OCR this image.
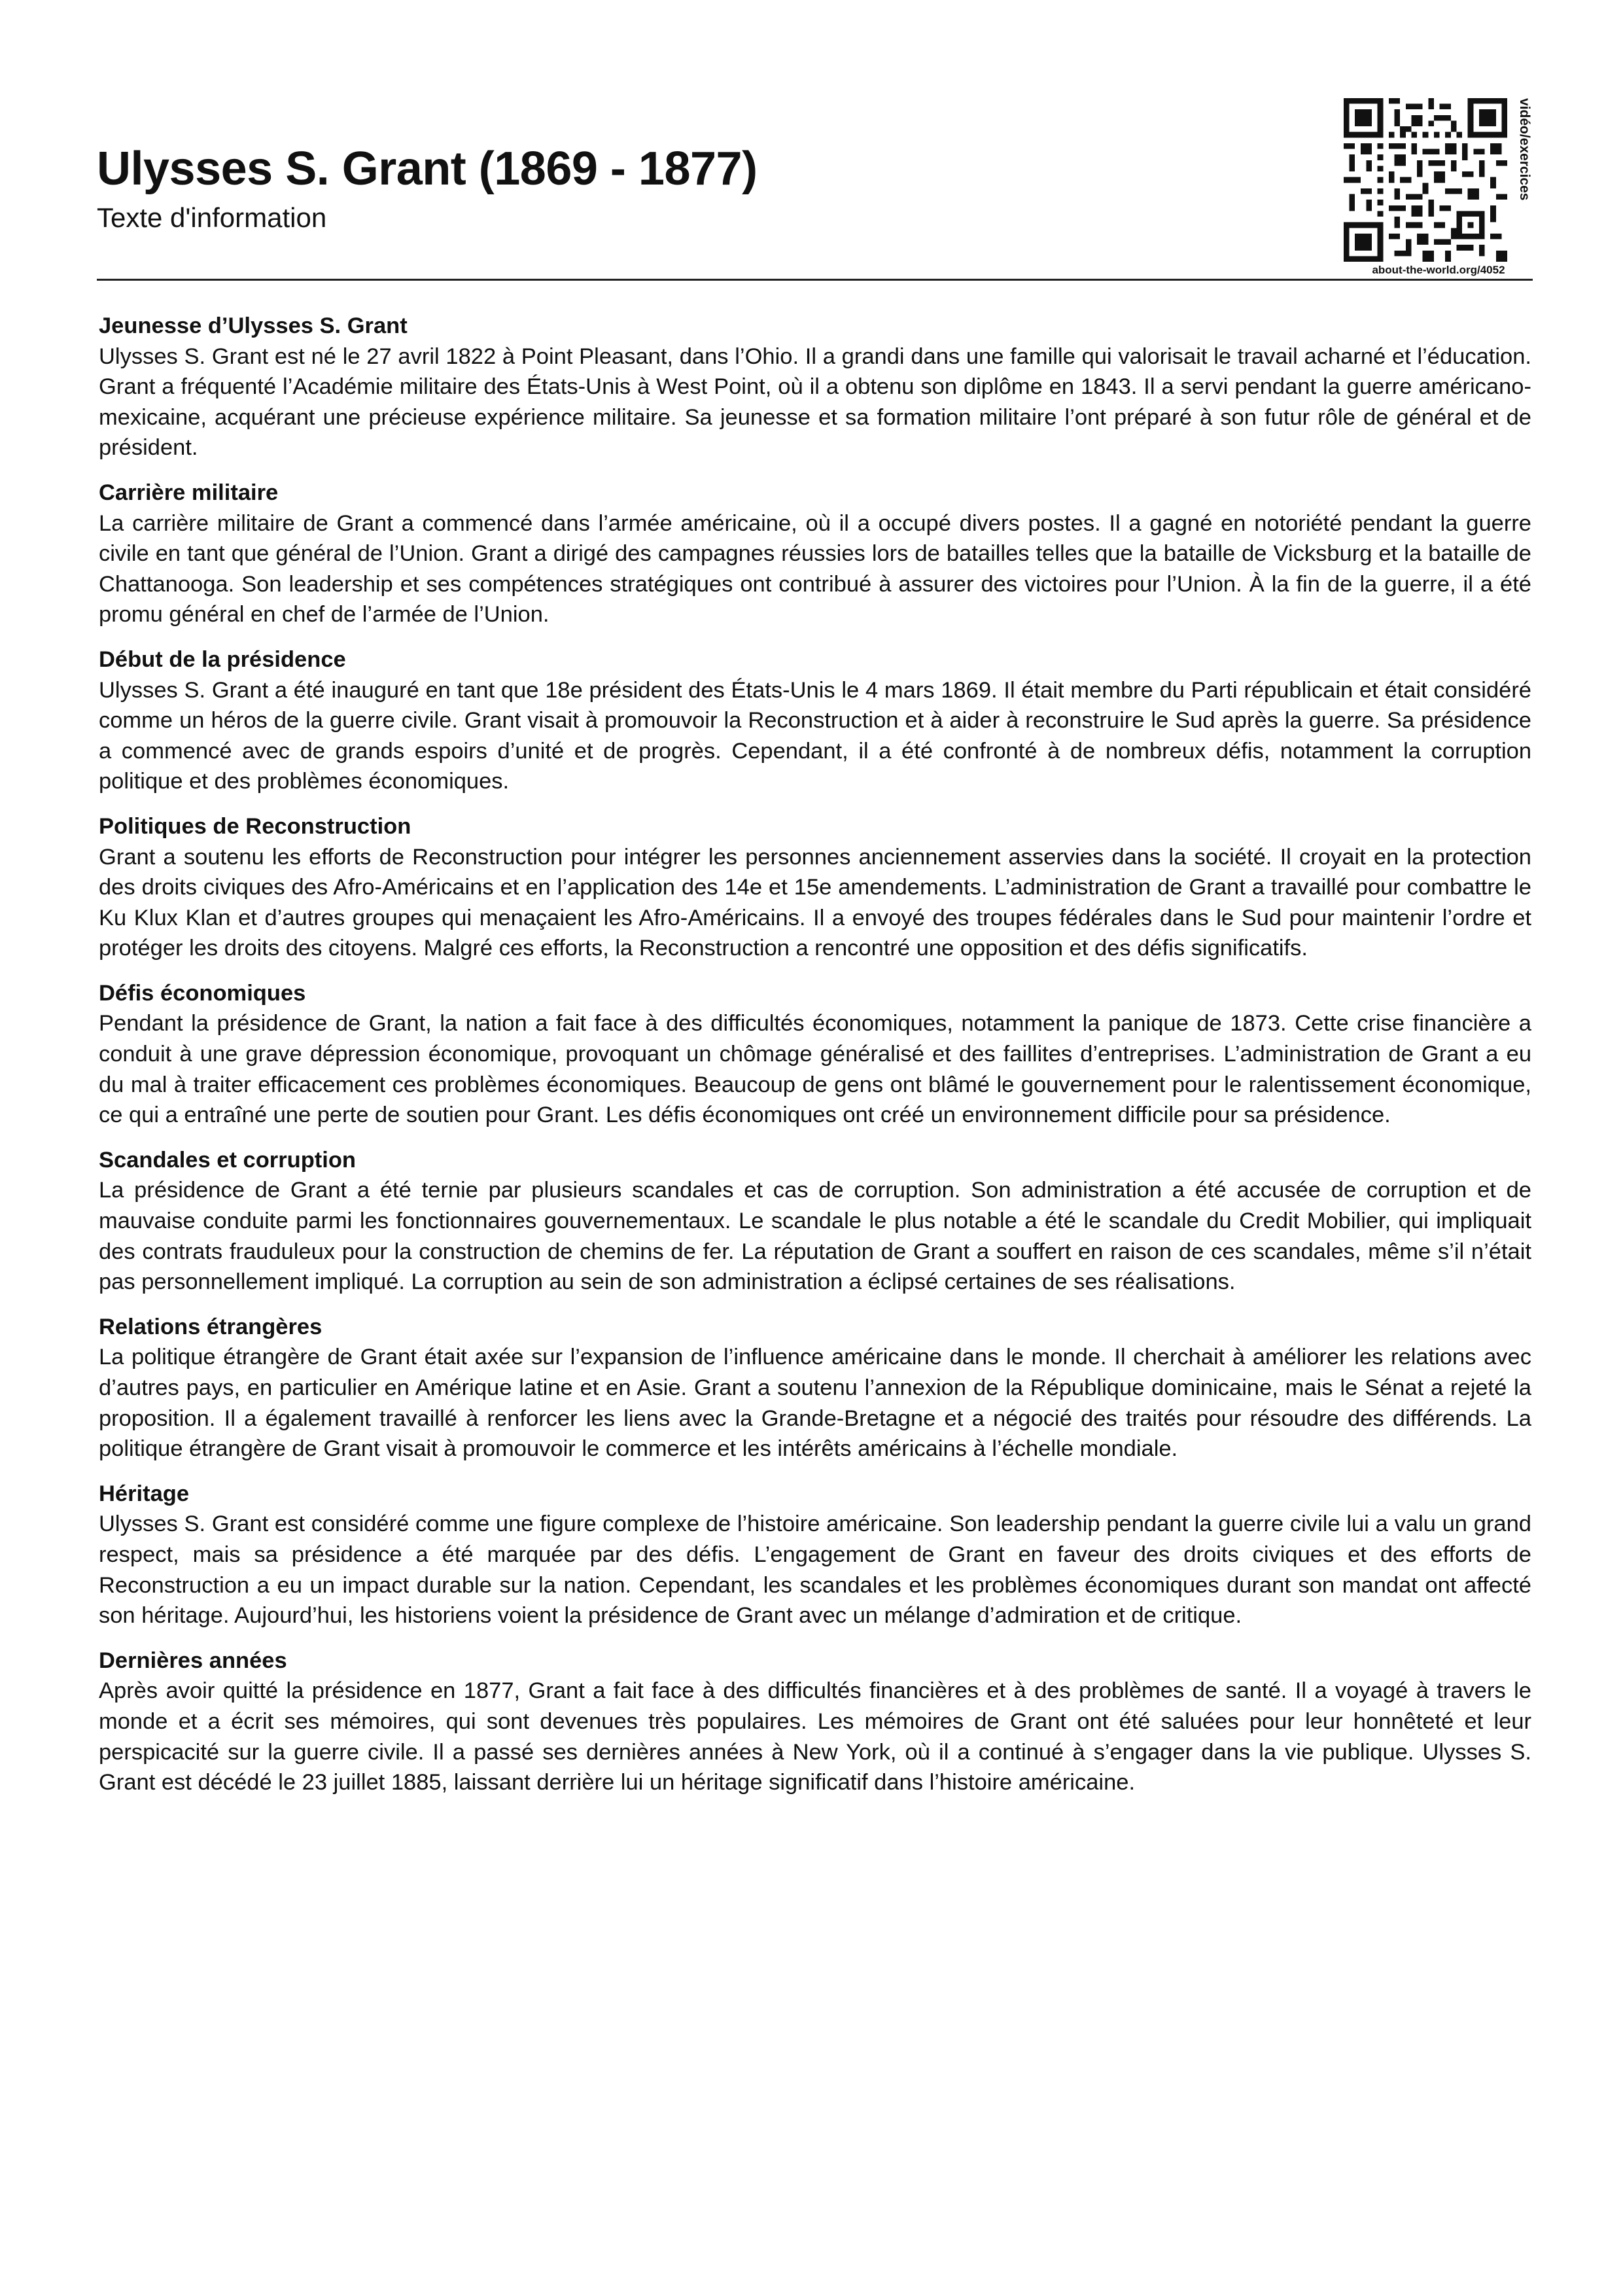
Ulysses S. Grant (1869 - 1877)
Texte d'information
vidéo/exercices
about-the-world.org/4052
Jeunesse d’Ulysses S. Grant

Ulysses S. Grant est né le 27 avril 1822 à Point Pleasant, dans l’Ohio. Il a grandi dans une famille qui valorisait le travail acharné et l’éducation. Grant a fréquenté l’Académie militaire des États-Unis à West Point, où il a obtenu son diplôme en 1843. Il a servi pendant la guerre américano-mexicaine, acquérant une précieuse expérience militaire. Sa jeunesse et sa formation militaire l’ont préparé à son futur rôle de général et de président.

Carrière militaire

La carrière militaire de Grant a commencé dans l’armée américaine, où il a occupé divers postes. Il a gagné en notoriété pendant la guerre civile en tant que général de l’Union. Grant a dirigé des campagnes réussies lors de batailles telles que la bataille de Vicksburg et la bataille de Chattanooga. Son leadership et ses compétences stratégiques ont contribué à assurer des victoires pour l’Union. À la fin de la guerre, il a été promu général en chef de l’armée de l’Union.

Début de la présidence

Ulysses S. Grant a été inauguré en tant que 18e président des États-Unis le 4 mars 1869. Il était membre du Parti républicain et était considéré comme un héros de la guerre civile. Grant visait à promouvoir la Reconstruction et à aider à reconstruire le Sud après la guerre. Sa présidence a commencé avec de grands espoirs d’unité et de progrès. Cependant, il a été confronté à de nombreux défis, notamment la corruption politique et des problèmes économiques.

Politiques de Reconstruction

Grant a soutenu les efforts de Reconstruction pour intégrer les personnes anciennement asservies dans la société. Il croyait en la protection des droits civiques des Afro-Américains et en l’application des 14e et 15e amendements. L’administration de Grant a travaillé pour combattre le Ku Klux Klan et d’autres groupes qui menaçaient les Afro-Américains. Il a envoyé des troupes fédérales dans le Sud pour maintenir l’ordre et protéger les droits des citoyens. Malgré ces efforts, la Reconstruction a rencontré une opposition et des défis significatifs.

Défis économiques

Pendant la présidence de Grant, la nation a fait face à des difficultés économiques, notamment la panique de 1873. Cette crise financière a conduit à une grave dépression économique, provoquant un chômage généralisé et des faillites d’entreprises. L’administration de Grant a eu du mal à traiter efficacement ces problèmes économiques. Beaucoup de gens ont blâmé le gouvernement pour le ralentissement économique, ce qui a entraîné une perte de soutien pour Grant. Les défis économiques ont créé un environnement difficile pour sa présidence.

Scandales et corruption

La présidence de Grant a été ternie par plusieurs scandales et cas de corruption. Son administration a été accusée de corruption et de mauvaise conduite parmi les fonctionnaires gouvernementaux. Le scandale le plus notable a été le scandale du Credit Mobilier, qui impliquait des contrats frauduleux pour la construction de chemins de fer. La réputation de Grant a souffert en raison de ces scandales, même s’il n’était pas personnellement impliqué. La corruption au sein de son administration a éclipsé certaines de ses réalisations.

Relations étrangères

La politique étrangère de Grant était axée sur l’expansion de l’influence américaine dans le monde. Il cherchait à améliorer les relations avec d’autres pays, en particulier en Amérique latine et en Asie. Grant a soutenu l’annexion de la République dominicaine, mais le Sénat a rejeté la proposition. Il a également travaillé à renforcer les liens avec la Grande-Bretagne et a négocié des traités pour résoudre des différends. La politique étrangère de Grant visait à promouvoir le commerce et les intérêts américains à l’échelle mondiale.

Héritage

Ulysses S. Grant est considéré comme une figure complexe de l’histoire américaine. Son leadership pendant la guerre civile lui a valu un grand respect, mais sa présidence a été marquée par des défis. L’engagement de Grant en faveur des droits civiques et des efforts de Reconstruction a eu un impact durable sur la nation. Cependant, les scandales et les problèmes économiques durant son mandat ont affecté son héritage. Aujourd’hui, les historiens voient la présidence de Grant avec un mélange d’admiration et de critique.

Dernières années

Après avoir quitté la présidence en 1877, Grant a fait face à des difficultés financières et à des problèmes de santé. Il a voyagé à travers le monde et a écrit ses mémoires, qui sont devenues très populaires. Les mémoires de Grant ont été saluées pour leur honnêteté et leur perspicacité sur la guerre civile. Il a passé ses dernières années à New York, où il a continué à s’engager dans la vie publique. Ulysses S. Grant est décédé le 23 juillet 1885, laissant derrière lui un héritage significatif dans l’histoire américaine.
